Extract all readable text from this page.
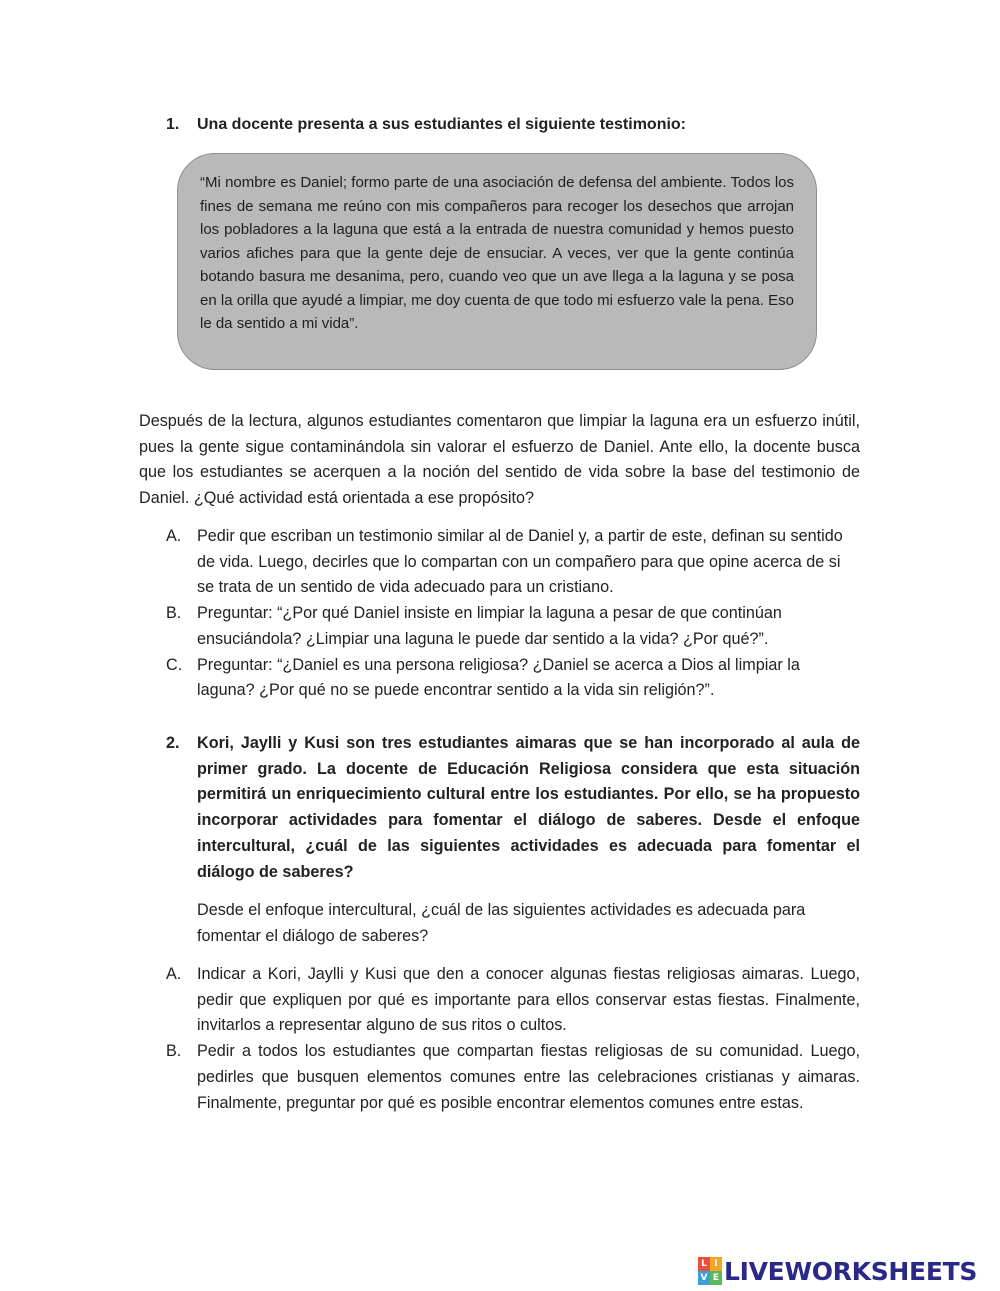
1. Una docente presenta a sus estudiantes el siguiente testimonio:

“Mi nombre es Daniel; formo parte de una asociación de defensa del ambiente. Todos los fines de semana me reúno con mis compañeros para recoger los desechos que arrojan los pobladores a la laguna que está a la entrada de nuestra comunidad y hemos puesto varios afiches para que la gente deje de ensuciar. A veces, ver que la gente continúa botando basura me desanima, pero, cuando veo que un ave llega a la laguna y se posa en la orilla que ayudé a limpiar, me doy cuenta de que todo mi esfuerzo vale la pena. Eso le da sentido a mi vida”.

Después de la lectura, algunos estudiantes comentaron que limpiar la laguna era un esfuerzo inútil, pues la gente sigue contaminándola sin valorar el esfuerzo de Daniel. Ante ello, la docente busca que los estudiantes se acerquen a la noción del sentido de vida sobre la base del testimonio de Daniel. ¿Qué actividad está orientada a ese propósito?

A. Pedir que escriban un testimonio similar al de Daniel y, a partir de este, definan su sentido de vida. Luego, decirles que lo compartan con un compañero para que opine acerca de si se trata de un sentido de vida adecuado para un cristiano.
B. Preguntar: “¿Por qué Daniel insiste en limpiar la laguna a pesar de que continúan ensuciándola? ¿Limpiar una laguna le puede dar sentido a la vida? ¿Por qué?”.
C. Preguntar: “¿Daniel es una persona religiosa? ¿Daniel se acerca a Dios al limpiar la laguna? ¿Por qué no se puede encontrar sentido a la vida sin religión?”.
2. Kori, Jaylli y Kusi son tres estudiantes aimaras que se han incorporado al aula de primer grado. La docente de Educación Religiosa considera que esta situación permitirá un enriquecimiento cultural entre los estudiantes. Por ello, se ha propuesto incorporar actividades para fomentar el diálogo de saberes. Desde el enfoque intercultural, ¿cuál de las siguientes actividades es adecuada para fomentar el diálogo de saberes?

Desde el enfoque intercultural, ¿cuál de las siguientes actividades es adecuada para fomentar el diálogo de saberes?

A. Indicar a Kori, Jaylli y Kusi que den a conocer algunas fiestas religiosas aimaras. Luego, pedir que expliquen por qué es importante para ellos conservar estas fiestas. Finalmente, invitarlos a representar alguno de sus ritos o cultos.
B. Pedir a todos los estudiantes que compartan fiestas religiosas de su comunidad. Luego, pedirles que busquen elementos comunes entre las celebraciones cristianas y aimaras. Finalmente, preguntar por qué es posible encontrar elementos comunes entre estas.
L I
V E LIVEWORKSHEETS
